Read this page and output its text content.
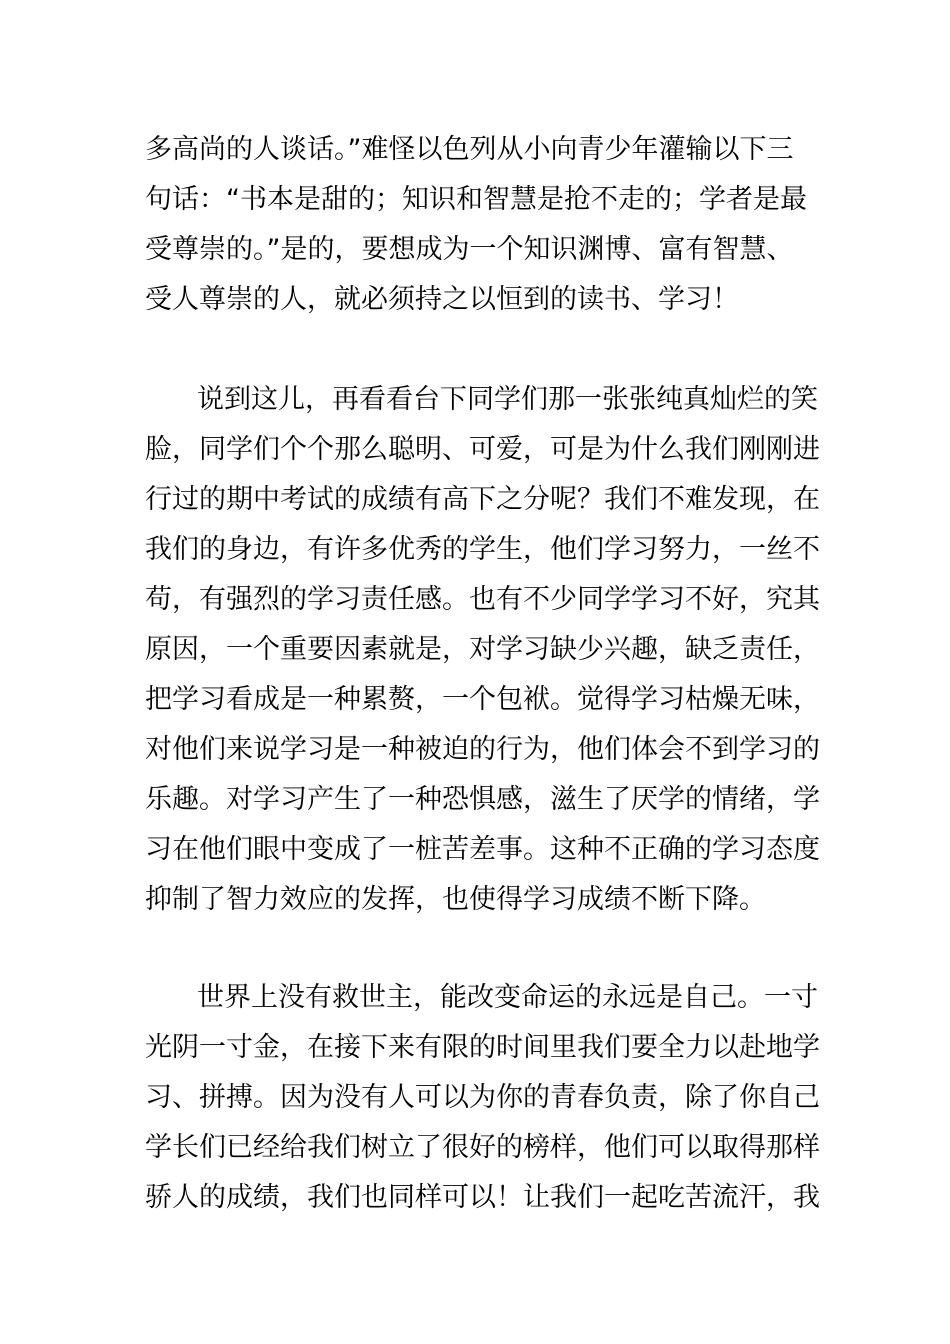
多高尚的人谈话。”难怪以色列从小向青少年灌输以下三
句话：“书本是甜的；知识和智慧是抢不走的；学者是最
受尊崇的。”是的，要想成为一个知识渊博、富有智慧、
受人尊崇的人，就必须持之以恒到的读书、学习！
说到这儿，再看看台下同学们那一张张纯真灿烂的笑
脸，同学们个个那么聪明、可爱，可是为什么我们刚刚进
行过的期中考试的成绩有高下之分呢？我们不难发现，在
我们的身边，有许多优秀的学生，他们学习努力，一丝不
苟，有强烈的学习责任感。也有不少同学学习不好，究其
原因，一个重要因素就是，对学习缺少兴趣，缺乏责任，
把学习看成是一种累赘，一个包袱。觉得学习枯燥无味，
对他们来说学习是一种被迫的行为，他们体会不到学习的
乐趣。对学习产生了一种恐惧感，滋生了厌学的情绪，学
习在他们眼中变成了一桩苦差事。这种不正确的学习态度
抑制了智力效应的发挥，也使得学习成绩不断下降。
世界上没有救世主，能改变命运的永远是自己。一寸
光阴一寸金，在接下来有限的时间里我们要全力以赴地学
习、拼搏。因为没有人可以为你的青春负责，除了你自己
学长们已经给我们树立了很好的榜样，他们可以取得那样
骄人的成绩，我们也同样可以！让我们一起吃苦流汗，我
